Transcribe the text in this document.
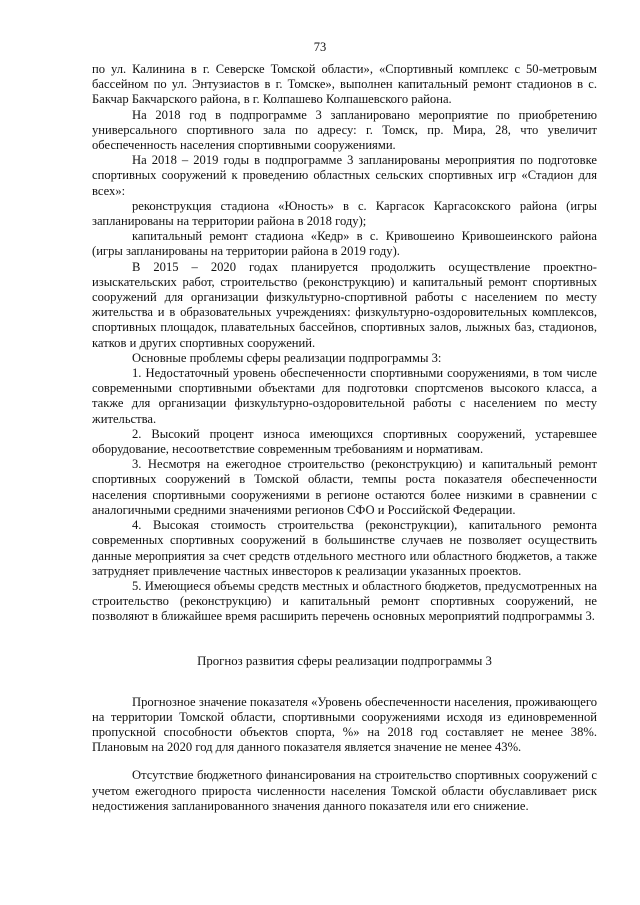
73

по ул. Калинина в г. Северске Томской области», «Спортивный комплекс с 50-метровым бассейном по ул. Энтузиастов в г. Томске», выполнен капитальный ремонт стадионов в с. Бакчар Бакчарского района, в г. Колпашево Колпашевского района.

На 2018 год в подпрограмме 3 запланировано мероприятие по приобретению универсального спортивного зала по адресу: г. Томск, пр. Мира, 28, что увеличит обеспеченность населения спортивными сооружениями.

На 2018 – 2019 годы в подпрограмме 3 запланированы мероприятия по подготовке спортивных сооружений к проведению областных сельских спортивных игр «Стадион для всех»:

реконструкция стадиона «Юность» в с. Каргасок Каргасокского района (игры запланированы на территории района в 2018 году);

капитальный ремонт стадиона «Кедр» в с. Кривошеино Кривошеинского района (игры запланированы на территории района в 2019 году).

В 2015 – 2020 годах планируется продолжить осуществление проектно-изыскательских работ, строительство (реконструкцию) и капитальный ремонт спортивных сооружений для организации физкультурно-спортивной работы с населением по месту жительства и в образовательных учреждениях: физкультурно-оздоровительных комплексов, спортивных площадок, плавательных бассейнов, спортивных залов, лыжных баз, стадионов, катков и других спортивных сооружений.

Основные проблемы сферы реализации подпрограммы 3:

1. Недостаточный уровень обеспеченности спортивными сооружениями, в том числе современными спортивными объектами для подготовки спортсменов высокого класса, а также для организации физкультурно-оздоровительной работы с населением по месту жительства.

2. Высокий процент износа имеющихся спортивных сооружений, устаревшее оборудование, несоответствие современным требованиям и нормативам.

3. Несмотря на ежегодное строительство (реконструкцию) и капитальный ремонт спортивных сооружений в Томской области, темпы роста показателя обеспеченности населения спортивными сооружениями в регионе остаются более низкими в сравнении с аналогичными средними значениями регионов СФО и Российской Федерации.

4. Высокая стоимость строительства (реконструкции), капитального ремонта современных спортивных сооружений в большинстве случаев не позволяет осуществить данные мероприятия за счет средств отдельного местного или областного бюджетов, а также затрудняет привлечение частных инвесторов к реализации указанных проектов.

5. Имеющиеся объемы средств местных и областного бюджетов, предусмотренных на строительство (реконструкцию) и капитальный ремонт спортивных сооружений, не позволяют в ближайшее время расширить перечень основных мероприятий подпрограммы 3.

Прогноз развития сферы реализации подпрограммы 3

Прогнозное значение показателя «Уровень обеспеченности населения, проживающего на территории Томской области, спортивными сооружениями исходя из единовременной пропускной способности объектов спорта, %» на 2018 год составляет не менее 38%. Плановым на 2020 год для данного показателя является значение не менее 43%.

Отсутствие бюджетного финансирования на строительство спортивных сооружений с учетом ежегодного прироста численности населения Томской области обуславливает риск недостижения запланированного значения данного показателя или его снижение.
